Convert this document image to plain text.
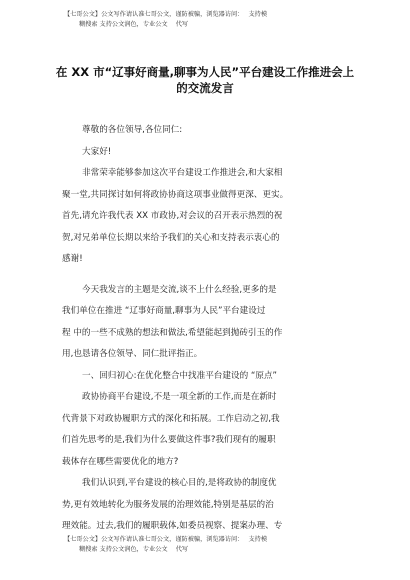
【七哥公文】公文写作请认准七哥公文，谨防被骗，浏览器访问：　 支持模
糊搜索 支持公文润色，专业公文　 代写
在 XX 市“辽事好商量,聊事为人民”平台建设工作推进会上
的交流发言

尊敬的各位领导,各位同仁:

大家好!

非常荣幸能够参加这次平台建设工作推进会,和大家相

聚一堂,共同探讨如何将政协协商这项事业做得更深、更实。

首先,请允许我代表 XX 市政协,对会议的召开表示热烈的祝

贺,对兄弟单位长期以来给予我们的关心和支持表示衷心的

感谢!

今天我发言的主题是交流,谈不上什么经验,更多的是

我们单位在推进 “辽事好商量,聊事为人民”平台建设过

程 中的一些不成熟的想法和做法,希望能起到抛砖引玉的作

用,也恳请各位领导、同仁批评指正。

一、回归初心:在优化整合中找准平台建设的 “原点”

政协协商平台建设,不是一项全新的工作,而是在新时

代背景下对政协履职方式的深化和拓展。工作启动之初,我

们首先思考的是,我们为什么要做这件事?我们现有的履职

载体存在哪些需要优化的地方?

我们认识到,平台建设的核心目的,是将政协的制度优

势,更有效地转化为服务发展的治理效能,特别是基层的治

理效能。过去,我们的履职载体,如委员视察、提案办理、专

【七哥公文】公文写作请认准七哥公文，谨防被骗，浏览器访问：　 支持模
糊搜索 支持公文润色，专业公文　 代写
